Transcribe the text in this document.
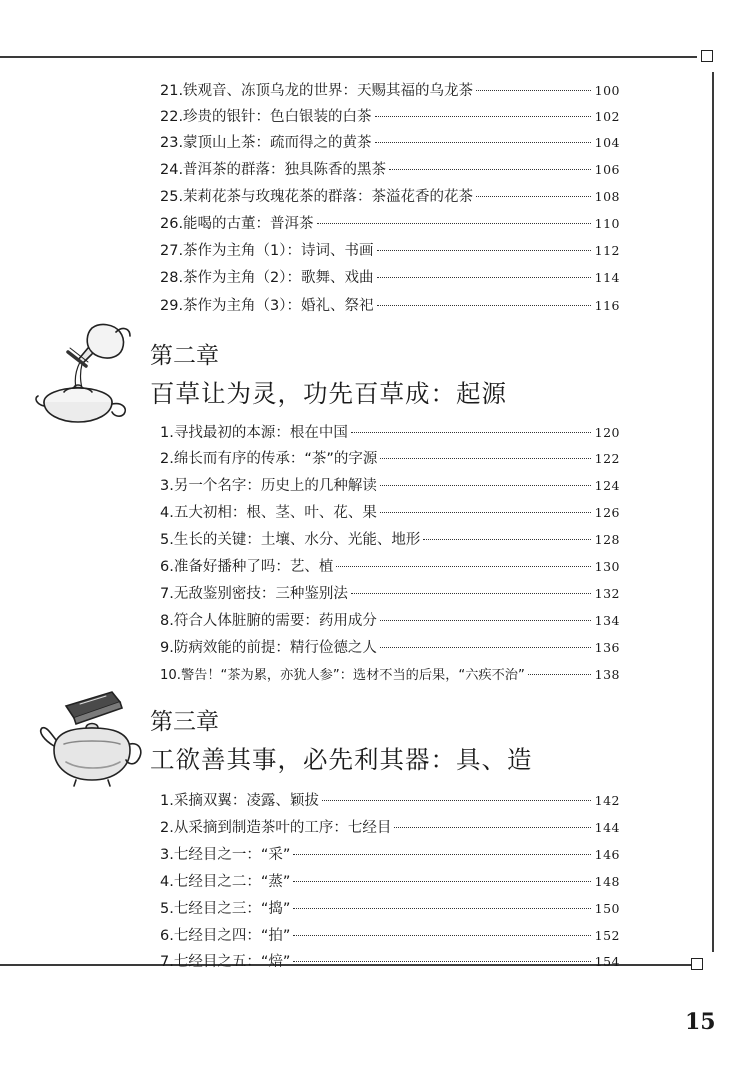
21.铁观音、冻顶乌龙的世界：天赐其福的乌龙茶	100
22.珍贵的银针：色白银装的白茶	102
23.蒙顶山上茶：疏而得之的黄茶	104
24.普洱茶的群落：独具陈香的黑茶	106
25.茉莉花茶与玫瑰花茶的群落：茶溢花香的花茶	108
26.能喝的古董：普洱茶	110
27.茶作为主角（1）：诗词、书画	112
28.茶作为主角（2）：歌舞、戏曲	114
29.茶作为主角（3）：婚礼、祭祀	116
第二章
百草让为灵，功先百草成：起源
1.寻找最初的本源：根在中国	120
2.绵长而有序的传承：“茶”的字源	122
3.另一个名字：历史上的几种解读	124
4.五大初相：根、茎、叶、花、果	126
5.生长的关键：土壤、水分、光能、地形	128
6.准备好播种了吗：艺、植	130
7.无敌鉴别密技：三种鉴别法	132
8.符合人体脏腑的需要：药用成分	134
9.防病效能的前提：精行俭德之人	136
10.警告！“茶为累，亦犹人参”：选材不当的后果，“六疾不治”	138
第三章
工欲善其事，必先利其器：具、造
1.采摘双翼：凌露、颖拔	142
2.从采摘到制造茶叶的工序：七经目	144
3.七经目之一：“采”	146
4.七经目之二：“蒸”	148
5.七经目之三：“捣”	150
6.七经目之四：“拍”	152
7.七经目之五：“焙”	154
15
